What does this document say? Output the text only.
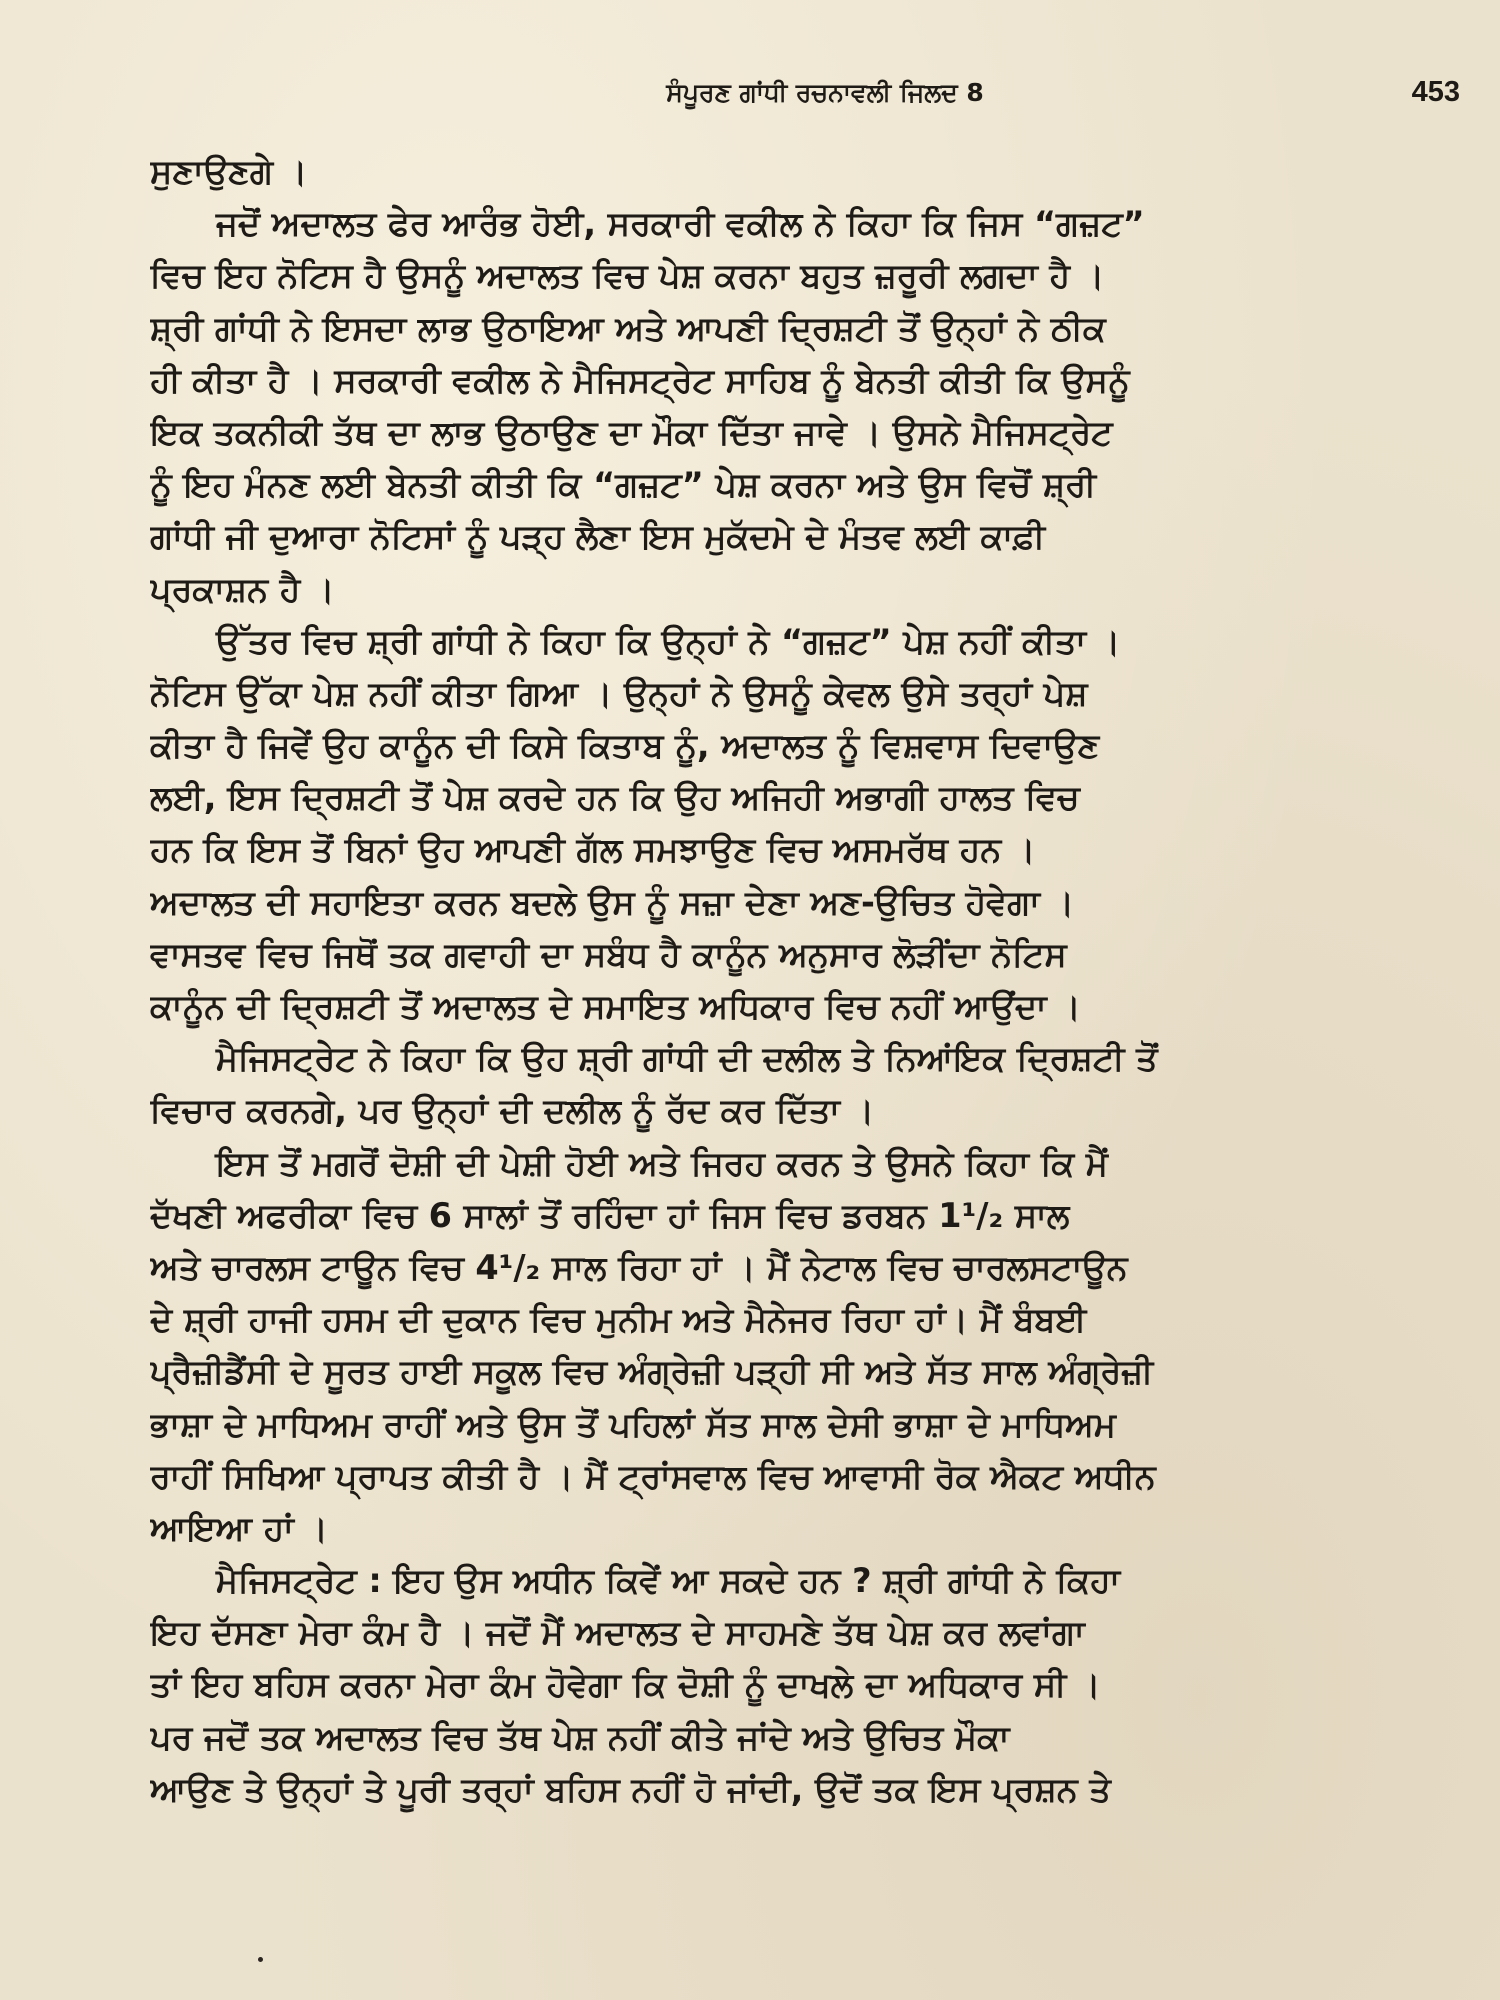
ਸੰਪੂਰਣ ਗਾਂਧੀ ਰਚਨਾਵਲੀ ਜਿਲਦ 8	453
ਸੁਣਾਉਣਗੇ ।
ਜਦੋਂ ਅਦਾਲਤ ਫੇਰ ਆਰੰਭ ਹੋਈ, ਸਰਕਾਰੀ ਵਕੀਲ ਨੇ ਕਿਹਾ ਕਿ ਜਿਸ “ਗਜ਼ਟ”
ਵਿਚ ਇਹ ਨੋਟਿਸ ਹੈ ਉਸਨੂੰ ਅਦਾਲਤ ਵਿਚ ਪੇਸ਼ ਕਰਨਾ ਬਹੁਤ ਜ਼ਰੂਰੀ ਲਗਦਾ ਹੈ ।
ਸ਼੍ਰੀ ਗਾਂਧੀ ਨੇ ਇਸਦਾ ਲਾਭ ਉਠਾਇਆ ਅਤੇ ਆਪਣੀ ਦ੍ਰਿਸ਼ਟੀ ਤੋਂ ਉਨ੍ਹਾਂ ਨੇ ਠੀਕ
ਹੀ ਕੀਤਾ ਹੈ । ਸਰਕਾਰੀ ਵਕੀਲ ਨੇ ਮੈਜਿਸਟ੍ਰੇਟ ਸਾਹਿਬ ਨੂੰ ਬੇਨਤੀ ਕੀਤੀ ਕਿ ਉਸਨੂੰ
ਇਕ ਤਕਨੀਕੀ ਤੱਥ ਦਾ ਲਾਭ ਉਠਾਉਣ ਦਾ ਮੌਕਾ ਦਿੱਤਾ ਜਾਵੇ । ਉਸਨੇ ਮੈਜਿਸਟ੍ਰੇਟ
ਨੂੰ ਇਹ ਮੰਨਣ ਲਈ ਬੇਨਤੀ ਕੀਤੀ ਕਿ “ਗਜ਼ਟ” ਪੇਸ਼ ਕਰਨਾ ਅਤੇ ਉਸ ਵਿਚੋਂ ਸ਼੍ਰੀ
ਗਾਂਧੀ ਜੀ ਦੁਆਰਾ ਨੋਟਿਸਾਂ ਨੂੰ ਪੜ੍ਹ ਲੈਣਾ ਇਸ ਮੁਕੱਦਮੇ ਦੇ ਮੰਤਵ ਲਈ ਕਾਫ਼ੀ
ਪ੍ਰਕਾਸ਼ਨ ਹੈ ।
ਉੱਤਰ ਵਿਚ ਸ਼੍ਰੀ ਗਾਂਧੀ ਨੇ ਕਿਹਾ ਕਿ ਉਨ੍ਹਾਂ ਨੇ “ਗਜ਼ਟ” ਪੇਸ਼ ਨਹੀਂ ਕੀਤਾ ।
ਨੋਟਿਸ ਉੱਕਾ ਪੇਸ਼ ਨਹੀਂ ਕੀਤਾ ਗਿਆ । ਉਨ੍ਹਾਂ ਨੇ ਉਸਨੂੰ ਕੇਵਲ ਉਸੇ ਤਰ੍ਹਾਂ ਪੇਸ਼
ਕੀਤਾ ਹੈ ਜਿਵੇਂ ਉਹ ਕਾਨੂੰਨ ਦੀ ਕਿਸੇ ਕਿਤਾਬ ਨੂੰ, ਅਦਾਲਤ ਨੂੰ ਵਿਸ਼ਵਾਸ ਦਿਵਾਉਣ
ਲਈ, ਇਸ ਦ੍ਰਿਸ਼ਟੀ ਤੋਂ ਪੇਸ਼ ਕਰਦੇ ਹਨ ਕਿ ਉਹ ਅਜਿਹੀ ਅਭਾਗੀ ਹਾਲਤ ਵਿਚ
ਹਨ ਕਿ ਇਸ ਤੋਂ ਬਿਨਾਂ ਉਹ ਆਪਣੀ ਗੱਲ ਸਮਝਾਉਣ ਵਿਚ ਅਸਮਰੱਥ ਹਨ ।
ਅਦਾਲਤ ਦੀ ਸਹਾਇਤਾ ਕਰਨ ਬਦਲੇ ਉਸ ਨੂੰ ਸਜ਼ਾ ਦੇਣਾ ਅਣ-ਉਚਿਤ ਹੋਵੇਗਾ ।
ਵਾਸਤਵ ਵਿਚ ਜਿਥੋਂ ਤਕ ਗਵਾਹੀ ਦਾ ਸਬੰਧ ਹੈ ਕਾਨੂੰਨ ਅਨੁਸਾਰ ਲੋੜੀਂਦਾ ਨੋਟਿਸ
ਕਾਨੂੰਨ ਦੀ ਦ੍ਰਿਸ਼ਟੀ ਤੋਂ ਅਦਾਲਤ ਦੇ ਸਮਾਇਤ ਅਧਿਕਾਰ ਵਿਚ ਨਹੀਂ ਆਉਂਦਾ ।
ਮੈਜਿਸਟ੍ਰੇਟ ਨੇ ਕਿਹਾ ਕਿ ਉਹ ਸ਼੍ਰੀ ਗਾਂਧੀ ਦੀ ਦਲੀਲ ਤੇ ਨਿਆਂਇਕ ਦ੍ਰਿਸ਼ਟੀ ਤੋਂ
ਵਿਚਾਰ ਕਰਨਗੇ, ਪਰ ਉਨ੍ਹਾਂ ਦੀ ਦਲੀਲ ਨੂੰ ਰੱਦ ਕਰ ਦਿੱਤਾ ।
ਇਸ ਤੋਂ ਮਗਰੋਂ ਦੋਸ਼ੀ ਦੀ ਪੇਸ਼ੀ ਹੋਈ ਅਤੇ ਜਿਰਹ ਕਰਨ ਤੇ ਉਸਨੇ ਕਿਹਾ ਕਿ ਮੈਂ
ਦੱਖਣੀ ਅਫਰੀਕਾ ਵਿਚ 6 ਸਾਲਾਂ ਤੋਂ ਰਹਿੰਦਾ ਹਾਂ ਜਿਸ ਵਿਚ ਡਰਬਨ 1¹/₂ ਸਾਲ
ਅਤੇ ਚਾਰਲਸ ਟਾਊਨ ਵਿਚ 4¹/₂ ਸਾਲ ਰਿਹਾ ਹਾਂ । ਮੈਂ ਨੇਟਾਲ ਵਿਚ ਚਾਰਲਸਟਾਊਨ
ਦੇ ਸ਼੍ਰੀ ਹਾਜੀ ਹਸਮ ਦੀ ਦੁਕਾਨ ਵਿਚ ਮੁਨੀਮ ਅਤੇ ਮੈਨੇਜਰ ਰਿਹਾ ਹਾਂ। ਮੈਂ ਬੰਬਈ
ਪ੍ਰੈਜ਼ੀਡੈਂਸੀ ਦੇ ਸੂਰਤ ਹਾਈ ਸਕੂਲ ਵਿਚ ਅੰਗ੍ਰੇਜ਼ੀ ਪੜ੍ਹੀ ਸੀ ਅਤੇ ਸੱਤ ਸਾਲ ਅੰਗ੍ਰੇਜ਼ੀ
ਭਾਸ਼ਾ ਦੇ ਮਾਧਿਅਮ ਰਾਹੀਂ ਅਤੇ ਉਸ ਤੋਂ ਪਹਿਲਾਂ ਸੱਤ ਸਾਲ ਦੇਸੀ ਭਾਸ਼ਾ ਦੇ ਮਾਧਿਅਮ
ਰਾਹੀਂ ਸਿਖਿਆ ਪ੍ਰਾਪਤ ਕੀਤੀ ਹੈ । ਮੈਂ ਟ੍ਰਾਂਸਵਾਲ ਵਿਚ ਆਵਾਸੀ ਰੋਕ ਐਕਟ ਅਧੀਨ
ਆਇਆ ਹਾਂ ।
ਮੈਜਿਸਟ੍ਰੇਟ : ਇਹ ਉਸ ਅਧੀਨ ਕਿਵੇਂ ਆ ਸਕਦੇ ਹਨ ? ਸ਼੍ਰੀ ਗਾਂਧੀ ਨੇ ਕਿਹਾ
ਇਹ ਦੱਸਣਾ ਮੇਰਾ ਕੰਮ ਹੈ । ਜਦੋਂ ਮੈਂ ਅਦਾਲਤ ਦੇ ਸਾਹਮਣੇ ਤੱਥ ਪੇਸ਼ ਕਰ ਲਵਾਂਗਾ
ਤਾਂ ਇਹ ਬਹਿਸ ਕਰਨਾ ਮੇਰਾ ਕੰਮ ਹੋਵੇਗਾ ਕਿ ਦੋਸ਼ੀ ਨੂੰ ਦਾਖਲੇ ਦਾ ਅਧਿਕਾਰ ਸੀ ।
ਪਰ ਜਦੋਂ ਤਕ ਅਦਾਲਤ ਵਿਚ ਤੱਥ ਪੇਸ਼ ਨਹੀਂ ਕੀਤੇ ਜਾਂਦੇ ਅਤੇ ਉਚਿਤ ਮੌਕਾ
ਆਉਣ ਤੇ ਉਨ੍ਹਾਂ ਤੇ ਪੂਰੀ ਤਰ੍ਹਾਂ ਬਹਿਸ ਨਹੀਂ ਹੋ ਜਾਂਦੀ, ਉਦੋਂ ਤਕ ਇਸ ਪ੍ਰਸ਼ਨ ਤੇ
